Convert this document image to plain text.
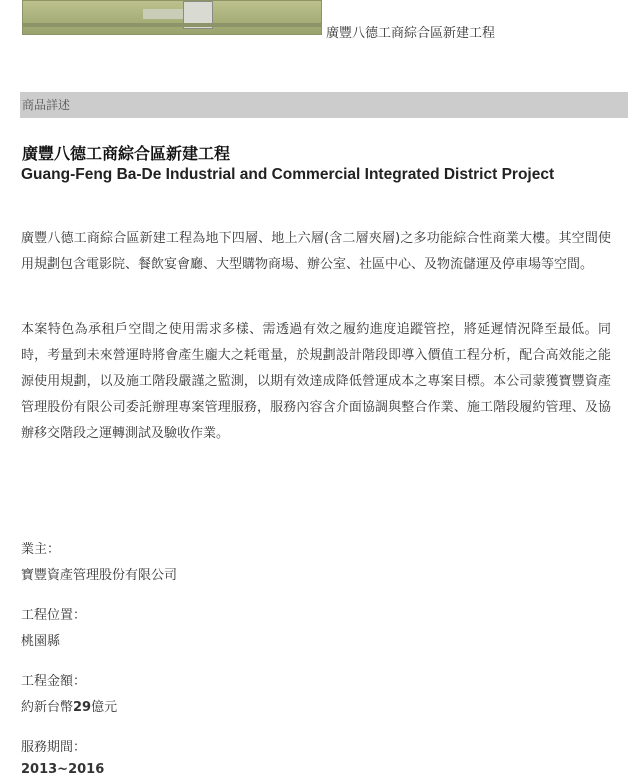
廣豐八德工商綜合區新建工程
商品詳述
廣豐八德工商綜合區新建工程
Guang-Feng Ba-De Industrial and Commercial Integrated District Project
廣豐八德工商綜合區新建工程為地下四層、地上六層(含二層夾層)之多功能綜合性商業大樓。其空間使用規劃包含電影院、餐飲宴會廳、大型購物商場、辦公室、社區中心、及物流儲運及停車場等空間。
本案特色為承租戶空間之使用需求多樣、需透過有效之履約進度追蹤管控，將延遲情況降至最低。同時，考量到未來營運時將會產生龐大之耗電量，於規劃設計階段即導入價值工程分析，配合高效能之能源使用規劃，以及施工階段嚴謹之監測，以期有效達成降低營運成本之專案目標。本公司蒙獲寶豐資產管理股份有限公司委託辦理專案管理服務，服務內容含介面協調與整合作業、施工階段履約管理、及協辦移交階段之運轉測試及驗收作業。
業主：
寶豐資產管理股份有限公司
工程位置：
桃園縣
工程金額：
約新台幣29億元
服務期間：
2013~2016
